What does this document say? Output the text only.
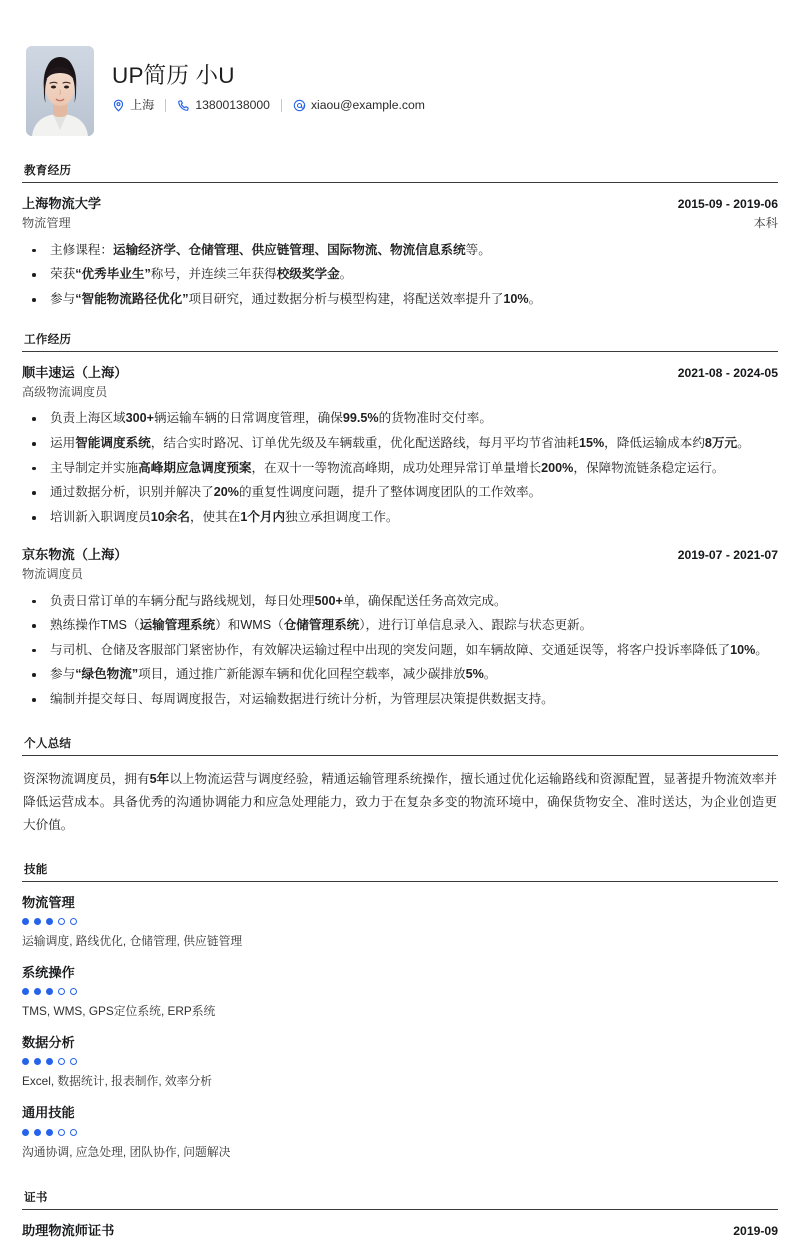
UP简历 小U
上海	13800138000	xiaou@example.com
教育经历
上海物流大学	2015-09 - 2019-06
物流管理	本科
主修课程：运输经济学、仓储管理、供应链管理、国际物流、物流信息系统等。
荣获“优秀毕业生”称号，并连续三年获得校级奖学金。
参与“智能物流路径优化”项目研究，通过数据分析与模型构建，将配送效率提升了10%。
工作经历
顺丰速运（上海）	2021-08 - 2024-05
高级物流调度员
负责上海区域300+辆运输车辆的日常调度管理，确保99.5%的货物准时交付率。
运用智能调度系统，结合实时路况、订单优先级及车辆载重，优化配送路线，每月平均节省油耗15%，降低运输成本约8万元。
主导制定并实施高峰期应急调度预案，在双十一等物流高峰期，成功处理异常订单量增长200%，保障物流链条稳定运行。
通过数据分析，识别并解决了20%的重复性调度问题，提升了整体调度团队的工作效率。
培训新入职调度员10余名，使其在1个月内独立承担调度工作。
京东物流（上海）	2019-07 - 2021-07
物流调度员
负责日常订单的车辆分配与路线规划，每日处理500+单，确保配送任务高效完成。
熟练操作TMS（运输管理系统）和WMS（仓储管理系统），进行订单信息录入、跟踪与状态更新。
与司机、仓储及客服部门紧密协作，有效解决运输过程中出现的突发问题，如车辆故障、交通延误等，将客户投诉率降低了10%。
参与“绿色物流”项目，通过推广新能源车辆和优化回程空载率，减少碳排放5%。
编制并提交每日、每周调度报告，对运输数据进行统计分析，为管理层决策提供数据支持。
个人总结
资深物流调度员，拥有5年以上物流运营与调度经验，精通运输管理系统操作，擅长通过优化运输路线和资源配置，显著提升物流效率并降低运营成本。具备优秀的沟通协调能力和应急处理能力，致力于在复杂多变的物流环境中，确保货物安全、准时送达，为企业创造更大价值。
技能
物流管理
运输调度, 路线优化, 仓储管理, 供应链管理
系统操作
TMS, WMS, GPS定位系统, ERP系统
数据分析
Excel, 数据统计, 报表制作, 效率分析
通用技能
沟通协调, 应急处理, 团队协作, 问题解决
证书
助理物流师证书	2019-09
